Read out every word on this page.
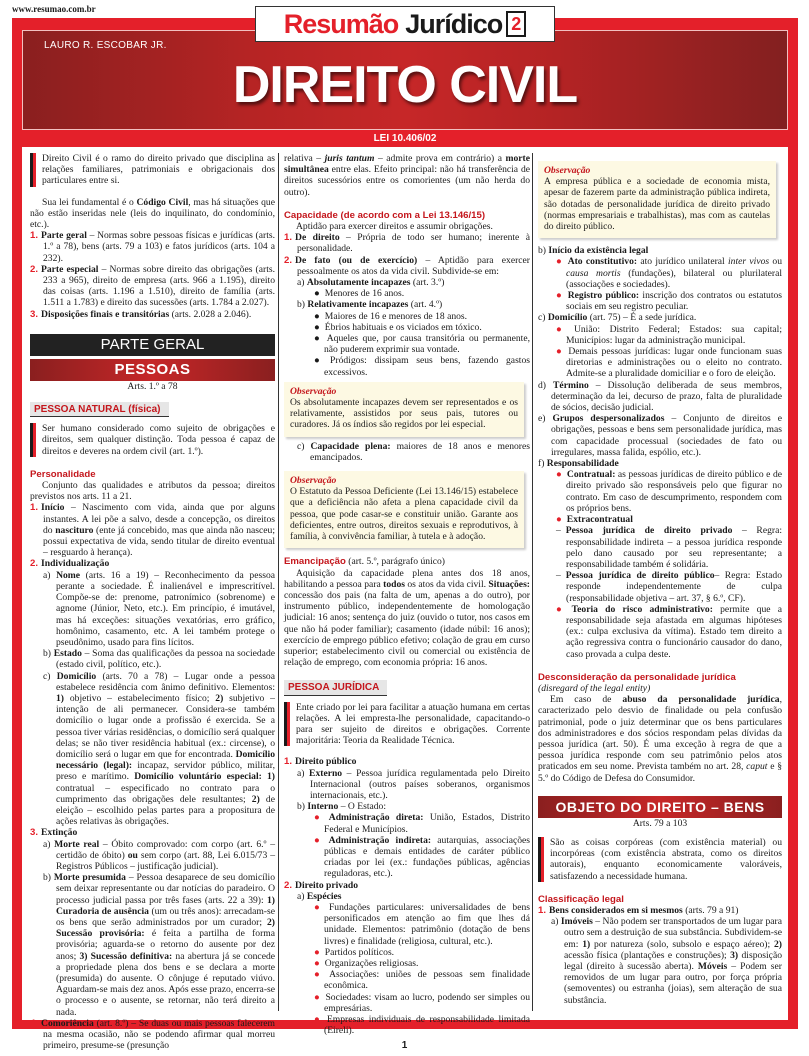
www.resumao.com.br	Resumão Jurídico 2
LAURO R. ESCOBAR JR.
DIREITO CIVIL
LEI 10.406/02

Direito Civil é o ramo do direito privado que disciplina as relações familiares, patrimoniais e obrigacionais dos particulares entre si.

Sua lei fundamental é o Código Civil, mas há situações que não estão inseridas nele (leis do inquilinato, do condomínio, etc.).

1. Parte geral – Normas sobre pessoas físicas e jurídicas (arts. 1.º a 78), bens (arts. 79 a 103) e fatos jurídicos (arts. 104 a 232).

2. Parte especial – Normas sobre direito das obrigações (arts. 233 a 965), direito de empresa (arts. 966 a 1.195), direito das coisas (arts. 1.196 a 1.510), direito de família (arts. 1.511 a 1.783) e direito das sucessões (arts. 1.784 a 2.027).

3. Disposições finais e transitórias (arts. 2.028 a 2.046).

PARTE GERAL
PESSOAS

Arts. 1.º a 78

PESSOA NATURAL (física)

Ser humano considerado como sujeito de obrigações e direitos, sem qualquer distinção. Toda pessoa é capaz de direitos e deveres na ordem civil (art. 1.º).

Personalidade

Conjunto das qualidades e atributos da pessoa; direitos previstos nos arts. 11 a 21.

1. Início – Nascimento com vida, ainda que por alguns instantes. A lei põe a salvo, desde a concepção, os direitos do nascituro (ente já concebido, mas que ainda não nasceu; possui expectativa de vida, sendo titular de direito eventual – resguardo à herança).

2. Individualização

a) Nome (arts. 16 a 19) – Reconhecimento da pessoa perante a sociedade. É inalienável e imprescritível. Compõe-se de: prenome, patronímico (sobrenome) e agnome (Júnior, Neto, etc.). Em princípio, é imutável, mas há exceções: situações vexatórias, erro gráfico, homônimo, casamento, etc. A lei também protege o pseudônimo, usado para fins lícitos.

b) Estado – Soma das qualificações da pessoa na sociedade (estado civil, político, etc.).

c) Domicílio (arts. 70 a 78) – Lugar onde a pessoa estabelece residência com ânimo definitivo. Elementos: 1) objetivo – estabelecimento físico; 2) subjetivo – intenção de ali permanecer. Considera-se também domicílio o lugar onde a profissão é exercida. Se a pessoa tiver várias residências, o domicílio será qualquer delas; se não tiver residência habitual (ex.: circense), o domicílio será o lugar em que for encontrada. Domicílio necessário (legal): incapaz, servidor público, militar, preso e marítimo. Domicílio voluntário especial: 1) contratual – especificado no contrato para o cumprimento das obrigações dele resultantes; 2) de eleição – escolhido pelas partes para a propositura de ações relativas às obrigações.

3. Extinção

a) Morte real – Óbito comprovado: com corpo (art. 6.º – certidão de óbito) ou sem corpo (art. 88, Lei 6.015/73 – Registros Públicos – justificação judicial).

b) Morte presumida – Pessoa desaparece de seu domicílio sem deixar representante ou dar notícias do paradeiro. O processo judicial passa por três fases (arts. 22 a 39): 1) Curadoria de ausência (um ou três anos): arrecadam-se os bens que serão administrados por um curador; 2) Sucessão provisória: é feita a partilha de forma provisória; aguarda-se o retorno do ausente por dez anos; 3) Sucessão definitiva: na abertura já se concede a propriedade plena dos bens e se declara a morte (presumida) do ausente. O cônjuge é reputado viúvo. Aguardam-se mais dez anos. Após esse prazo, encerra-se o processo e o ausente, se retornar, não terá direito a nada.

4. Comoriência (art. 8.º) – Se duas ou mais pessoas falecerem na mesma ocasião, não se podendo afirmar qual morreu primeiro, presume-se (presunção

relativa – juris tantum – admite prova em contrário) a morte simultânea entre elas. Efeito principal: não há transferência de direitos sucessórios entre os comorientes (um não herda do outro).

Capacidade (de acordo com a Lei 13.146/15)

Aptidão para exercer direitos e assumir obrigações.

1. De direito – Própria de todo ser humano; inerente à personalidade.

2. De fato (ou de exercício) – Aptidão para exercer pessoalmente os atos da vida civil. Subdivide-se em:

a) Absolutamente incapazes (art. 3.º)

● Menores de 16 anos.

b) Relativamente incapazes (art. 4.º)

● Maiores de 16 e menores de 18 anos.

● Ébrios habituais e os viciados em tóxico.

● Aqueles que, por causa transitória ou permanente, não puderem exprimir sua vontade.

● Pródigos: dissipam seus bens, fazendo gastos excessivos.

Observação

Os absolutamente incapazes devem ser representados e os relativamente, assistidos por seus pais, tutores ou curadores. Já os índios são regidos por lei especial.

c) Capacidade plena: maiores de 18 anos e menores emancipados.

Observação

O Estatuto da Pessoa Deficiente (Lei 13.146/15) estabelece que a deficiência não afeta a plena capacidade civil da pessoa, que pode casar-se e constituir união. Garante aos deficientes, entre outros, direitos sexuais e reprodutivos, à família, à convivência familiar, à tutela e à adoção.

Emancipação (art. 5.º, parágrafo único)

Aquisição da capacidade plena antes dos 18 anos, habilitando a pessoa para todos os atos da vida civil. Situações: concessão dos pais (na falta de um, apenas a do outro), por instrumento público, independentemente de homologação judicial: 16 anos; sentença do juiz (ouvido o tutor, nos casos em que não há poder familiar); casamento (idade núbil: 16 anos); exercício de emprego público efetivo; colação de grau em curso superior; estabelecimento civil ou comercial ou existência de relação de emprego, com economia própria: 16 anos.

PESSOA JURÍDICA

Ente criado por lei para facilitar a atuação humana em certas relações. A lei empresta-lhe personalidade, capacitando-o para ser sujeito de direitos e obrigações. Corrente majoritária: Teoria da Realidade Técnica.

1. Direito público

a) Externo – Pessoa jurídica regulamentada pelo Direito Internacional (outros países soberanos, organismos internacionais, etc.).

b) Interno – O Estado:

● Administração direta: União, Estados, Distrito Federal e Municípios.

● Administração indireta: autarquias, associações públicas e demais entidades de caráter público criadas por lei (ex.: fundações públicas, agências reguladoras, etc.).

2. Direito privado

a) Espécies

● Fundações particulares: universalidades de bens personificados em atenção ao fim que lhes dá unidade. Elementos: patrimônio (dotação de bens livres) e finalidade (religiosa, cultural, etc.).

● Partidos políticos.

● Organizações religiosas.

● Associações: uniões de pessoas sem finalidade econômica.

● Sociedades: visam ao lucro, podendo ser simples ou empresárias.

● Empresas individuais de responsabilidade limitada (Eireli).

Observação

A empresa pública e a sociedade de economia mista, apesar de fazerem parte da administração pública indireta, são dotadas de personalidade jurídica de direito privado (normas empresariais e trabalhistas), mas com as cautelas do direito público.

b) Início da existência legal

● Ato constitutivo: ato jurídico unilateral inter vivos ou causa mortis (fundações), bilateral ou plurilateral (associações e sociedades).

● Registro público: inscrição dos contratos ou estatutos sociais em seu registro peculiar.

c) Domicílio (art. 75) – É a sede jurídica.

● União: Distrito Federal; Estados: sua capital; Municípios: lugar da administração municipal.

● Demais pessoas jurídicas: lugar onde funcionam suas diretorias e administrações ou o eleito no contrato. Admite-se a pluralidade domiciliar e o foro de eleição.

d) Término – Dissolução deliberada de seus membros, determinação da lei, decurso de prazo, falta de pluralidade de sócios, decisão judicial.

e) Grupos despersonalizados – Conjunto de direitos e obrigações, pessoas e bens sem personalidade jurídica, mas com capacidade processual (sociedades de fato ou irregulares, massa falida, espólio, etc.).

f) Responsabilidade

● Contratual: as pessoas jurídicas de direito público e de direito privado são responsáveis pelo que figurar no contrato. Em caso de descumprimento, respondem com os próprios bens.

● Extracontratual

– Pessoa jurídica de direito privado – Regra: responsabilidade indireta – a pessoa jurídica responde pelo dano causado por seu representante; a responsabilidade também é solidária.

– Pessoa jurídica de direito público– Regra: Estado responde independentemente de culpa (responsabilidade objetiva – art. 37, § 6.º, CF).

● Teoria do risco administrativo: permite que a responsabilidade seja afastada em algumas hipóteses (ex.: culpa exclusiva da vítima). Estado tem direito a ação regressiva contra o funcionário causador do dano, caso provada a culpa deste.

Desconsideração da personalidade jurídica

(disregard of the legal entity)

Em caso de abuso da personalidade jurídica, caracterizado pelo desvio de finalidade ou pela confusão patrimonial, pode o juiz determinar que os bens particulares dos administradores e dos sócios respondam pelas dívidas da pessoa jurídica (art. 50). É uma exceção à regra de que a pessoa jurídica responde com seu patrimônio pelos atos praticados em seu nome. Prevista também no art. 28, caput e § 5.º do Código de Defesa do Consumidor.

OBJETO DO DIREITO – BENS

Arts. 79 a 103

São as coisas corpóreas (com existência material) ou incorpóreas (com existência abstrata, como os direitos autorais), enquanto economicamente valoráveis, satisfazendo a necessidade humana.

Classificação legal

1. Bens considerados em si mesmos (arts. 79 a 91)

a) Imóveis – Não podem ser transportados de um lugar para outro sem a destruição de sua substância. Subdividem-se em: 1) por natureza (solo, subsolo e espaço aéreo); 2) acessão física (plantações e construções); 3) disposição legal (direito à sucessão aberta). Móveis – Podem ser removidos de um lugar para outro, por força própria (semoventes) ou estranha (joias), sem alteração de sua substância.

1
